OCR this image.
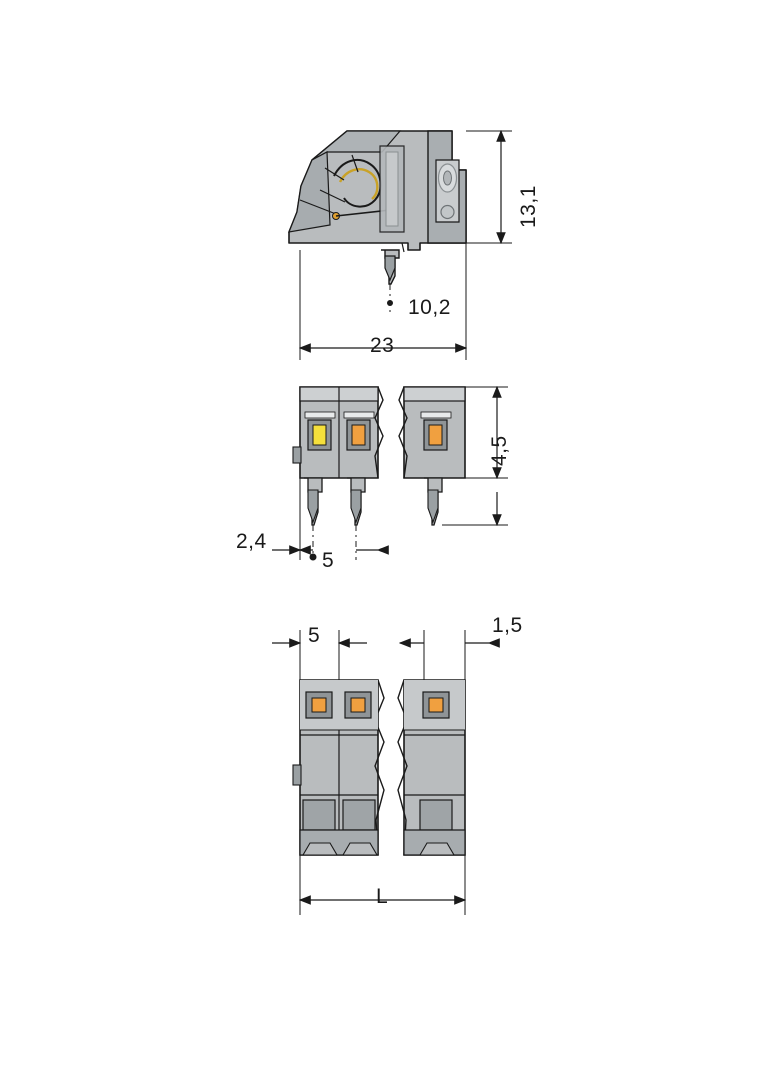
13,1
10,2
23
4,5
2,4
5
5	1,5
L
